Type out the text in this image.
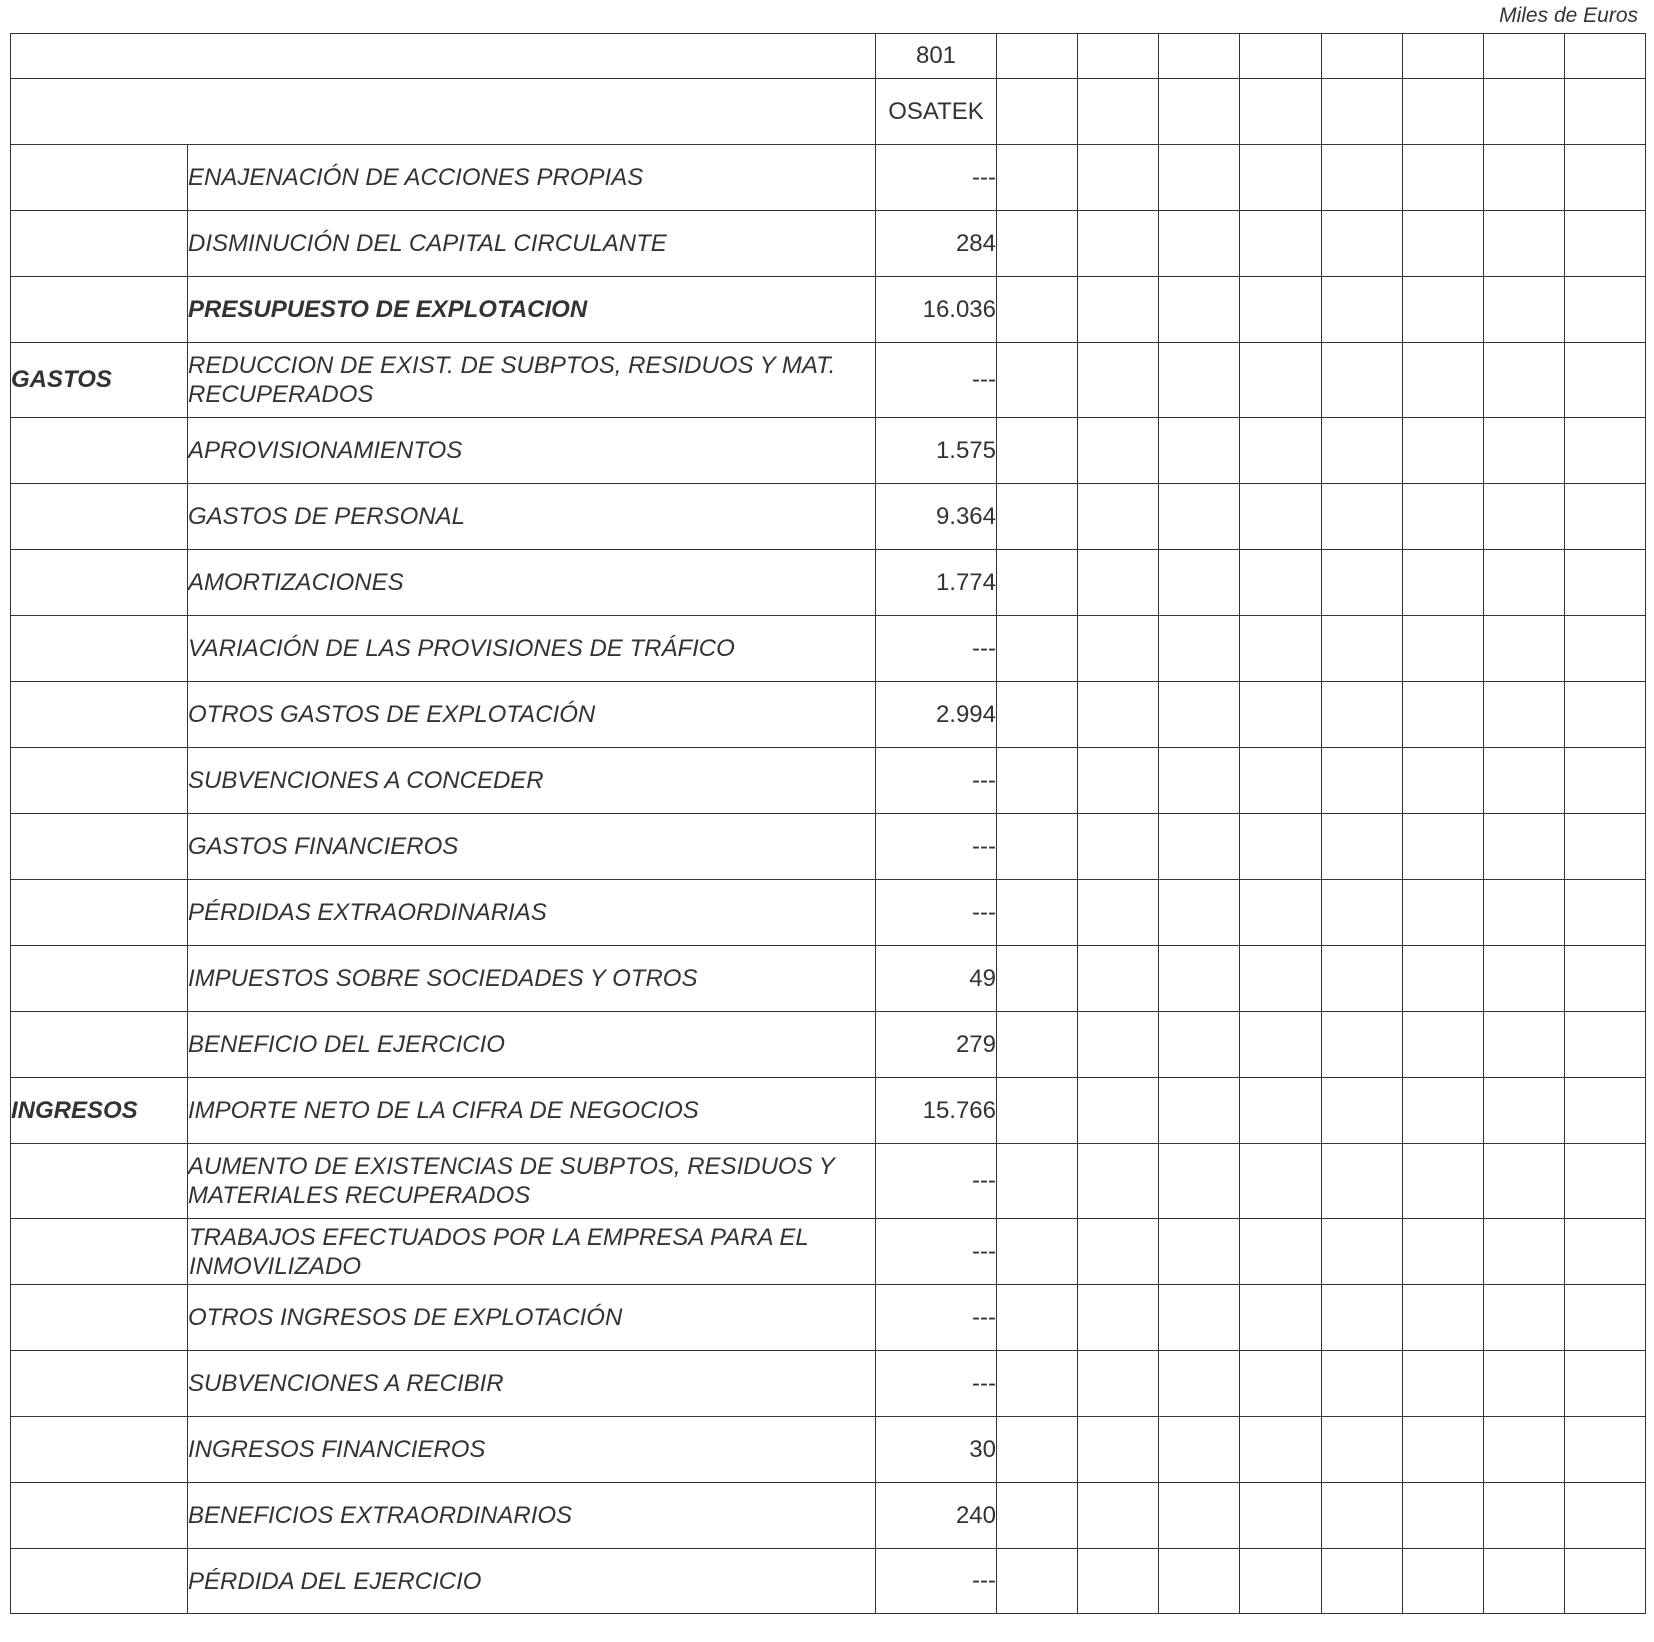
Miles de Euros
		801								
		OSATEK								
	ENAJENACIÓN DE ACCIONES PROPIAS	---								
	DISMINUCIÓN DEL CAPITAL CIRCULANTE	284								
	PRESUPUESTO DE EXPLOTACION	16.036								
GASTOS	REDUCCION DE EXIST. DE SUBPTOS, RESIDUOS Y MAT. RECUPERADOS	---								
	APROVISIONAMIENTOS	1.575								
	GASTOS DE PERSONAL	9.364								
	AMORTIZACIONES	1.774								
	VARIACIÓN DE LAS PROVISIONES DE TRÁFICO	---								
	OTROS GASTOS DE EXPLOTACIÓN	2.994								
	SUBVENCIONES A CONCEDER	---								
	GASTOS FINANCIEROS	---								
	PÉRDIDAS EXTRAORDINARIAS	---								
	IMPUESTOS SOBRE SOCIEDADES Y OTROS	49								
	BENEFICIO DEL EJERCICIO	279								
INGRESOS	IMPORTE NETO DE LA CIFRA DE NEGOCIOS	15.766								
	AUMENTO DE EXISTENCIAS DE SUBPTOS, RESIDUOS Y MATERIALES RECUPERADOS	---								
	TRABAJOS EFECTUADOS POR LA EMPRESA PARA EL INMOVILIZADO	---								
	OTROS INGRESOS DE EXPLOTACIÓN	---								
	SUBVENCIONES A RECIBIR	---								
	INGRESOS FINANCIEROS	30								
	BENEFICIOS EXTRAORDINARIOS	240								
	PÉRDIDA DEL EJERCICIO	---								
